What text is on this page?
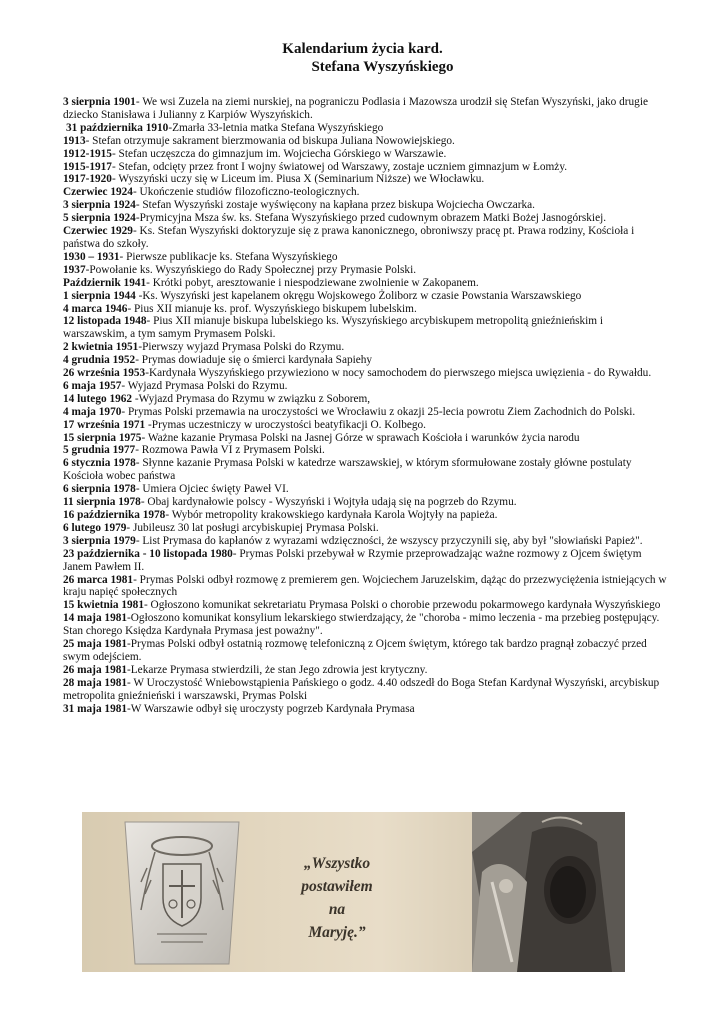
Kalendarium życia kard.
Stefana Wyszyńskiego

3 sierpnia 1901- We wsi Zuzela na ziemi nurskiej, na pograniczu Podlasia i Mazowsza urodził się Stefan Wyszyński, jako drugie dziecko Stanisława i Julianny z Karpiów Wyszyńskich.

31 października 1910-Zmarła 33-letnia matka Stefana Wyszyńskiego

1913- Stefan otrzymuje sakrament bierzmowania od biskupa Juliana Nowowiejskiego.

1912-1915- Stefan uczęszcza do gimnazjum im. Wojciecha Górskiego w Warszawie.

1915-1917- Stefan, odcięty przez front I wojny światowej od Warszawy, zostaje uczniem gimnazjum w Łomży.

1917-1920- Wyszyński uczy się w Liceum im. Piusa X (Seminarium Niższe) we Włocławku.

Czerwiec 1924- Ukończenie studiów filozoficzno-teologicznych.

3 sierpnia 1924- Stefan Wyszyński zostaje wyświęcony na kapłana przez biskupa Wojciecha Owczarka.

5 sierpnia 1924-Prymicyjna Msza św. ks. Stefana Wyszyńskiego przed cudownym obrazem Matki Bożej Jasnogórskiej.

Czerwiec 1929- Ks. Stefan Wyszyński doktoryzuje się z prawa kanonicznego, obroniwszy pracę pt. Prawa rodziny, Kościoła i państwa do szkoły.

1930 – 1931- Pierwsze publikacje ks. Stefana Wyszyńskiego

1937-Powołanie ks. Wyszyńskiego do Rady Społecznej przy Prymasie Polski.

Październik 1941- Krótki pobyt, aresztowanie i niespodziewane zwolnienie w Zakopanem.

1 sierpnia 1944 -Ks. Wyszyński jest kapelanem okręgu Wojskowego Żoliborz w czasie Powstania Warszawskiego

4 marca 1946- Pius XII mianuje ks. prof. Wyszyńskiego biskupem lubelskim.

12 listopada 1948- Pius XII mianuje biskupa lubelskiego ks. Wyszyńskiego arcybiskupem metropolitą gnieźnieńskim i warszawskim, a tym samym Prymasem Polski.

2 kwietnia 1951-Pierwszy wyjazd Prymasa Polski do Rzymu.

4 grudnia 1952- Prymas dowiaduje się o śmierci kardynała Sapiehy

26 września 1953-Kardynała Wyszyńskiego przywieziono w nocy samochodem do pierwszego miejsca uwięzienia - do Rywałdu.

6 maja 1957- Wyjazd Prymasa Polski do Rzymu.

14 lutego 1962 -Wyjazd Prymasa do Rzymu w związku z Soborem,

4 maja 1970- Prymas Polski przemawia na uroczystości we Wrocławiu z okazji 25-lecia powrotu Ziem Zachodnich do Polski.

17 września 1971 -Prymas uczestniczy w uroczystości beatyfikacji O. Kolbego.

15 sierpnia 1975- Ważne kazanie Prymasa Polski na Jasnej Górze w sprawach Kościoła i warunków życia narodu

5 grudnia 1977- Rozmowa Pawła VI z Prymasem Polski.

6 stycznia 1978- Słynne kazanie Prymasa Polski w katedrze warszawskiej, w którym sformułowane zostały główne postulaty Kościoła wobec państwa

6 sierpnia 1978- Umiera Ojciec święty Paweł VI.

11 sierpnia 1978- Obaj kardynałowie polscy - Wyszyński i Wojtyła udają się na pogrzeb do Rzymu.

16 października 1978- Wybór metropolity krakowskiego kardynała Karola Wojtyły na papieża.

6 lutego 1979- Jubileusz 30 lat posługi arcybiskupiej Prymasa Polski.

3 sierpnia 1979- List Prymasa do kapłanów z wyrazami wdzięczności, że wszyscy przyczynili się, aby był "słowiański Papież".

23 października - 10 listopada 1980- Prymas Polski przebywał w Rzymie przeprowadzając ważne rozmowy z Ojcem świętym Janem Pawłem II.

26 marca 1981- Prymas Polski odbył rozmowę z premierem gen. Wojciechem Jaruzelskim, dążąc do przezwyciężenia istniejących w kraju napięć społecznych

15 kwietnia 1981- Ogłoszono komunikat sekretariatu Prymasa Polski o chorobie przewodu pokarmowego kardynała Wyszyńskiego

14 maja 1981-Ogłoszono komunikat konsylium lekarskiego stwierdzający, że "choroba - mimo leczenia - ma przebieg postępujący. Stan chorego Księdza Kardynała Prymasa jest poważny".

25 maja 1981-Prymas Polski odbył ostatnią rozmowę telefoniczną z Ojcem świętym, którego tak bardzo pragnął zobaczyć przed swym odejściem.

26 maja 1981-Lekarze Prymasa stwierdzili, że stan Jego zdrowia jest krytyczny.

28 maja 1981- W Uroczystość Wniebowstąpienia Pańskiego o godz. 4.40 odszedł do Boga Stefan Kardynał Wyszyński, arcybiskup metropolita gnieźnieński i warszawski, Prymas Polski

31 maja 1981-W Warszawie odbył się uroczysty pogrzeb Kardynała Prymasa

„Wszystko
postawiłem
na
Maryję.”
